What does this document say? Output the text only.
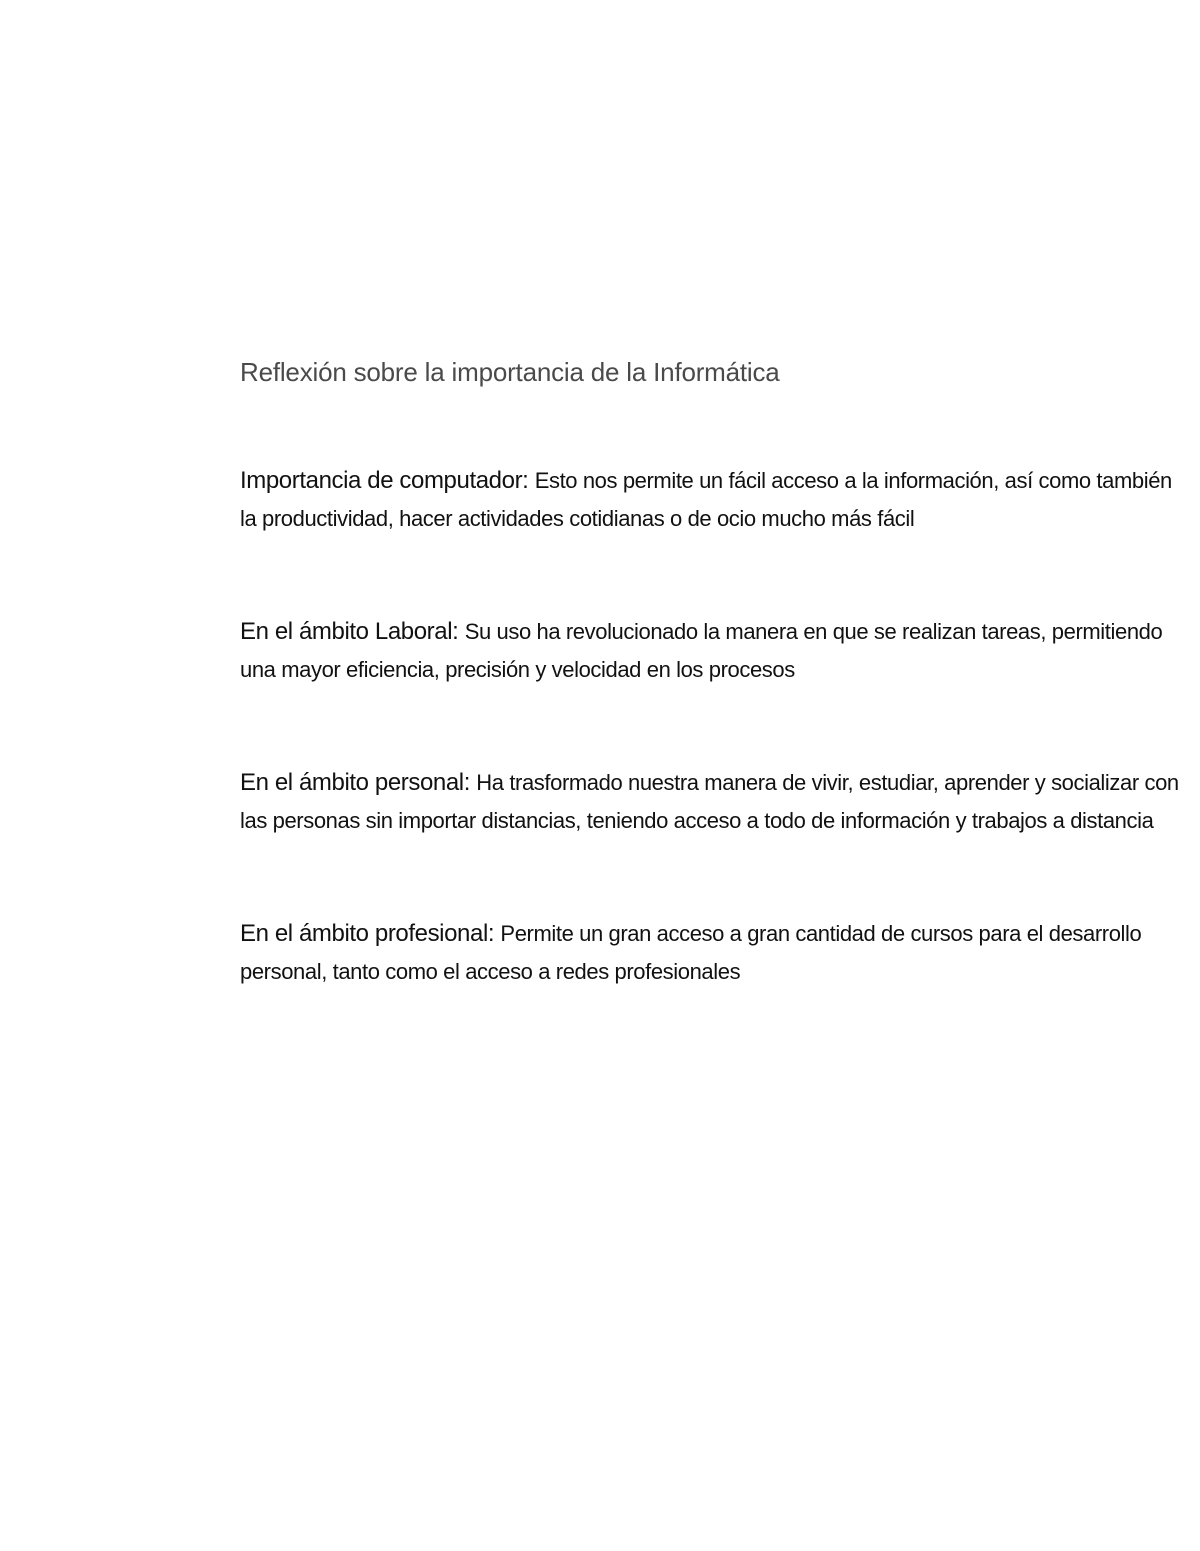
Reflexión sobre la importancia de la Informática

Importancia de computador: Esto nos permite un fácil acceso a la información, así como también la productividad, hacer actividades cotidianas o de ocio mucho más fácil

En el ámbito Laboral: Su uso ha revolucionado la manera en que se realizan tareas, permitiendo una mayor eficiencia, precisión y velocidad en los procesos

En el ámbito personal: Ha trasformado nuestra manera de vivir, estudiar, aprender y socializar con las personas sin importar distancias, teniendo acceso a todo de información y trabajos a distancia

En el ámbito profesional: Permite un gran acceso a gran cantidad de cursos para el desarrollo personal, tanto como el acceso a redes profesionales
